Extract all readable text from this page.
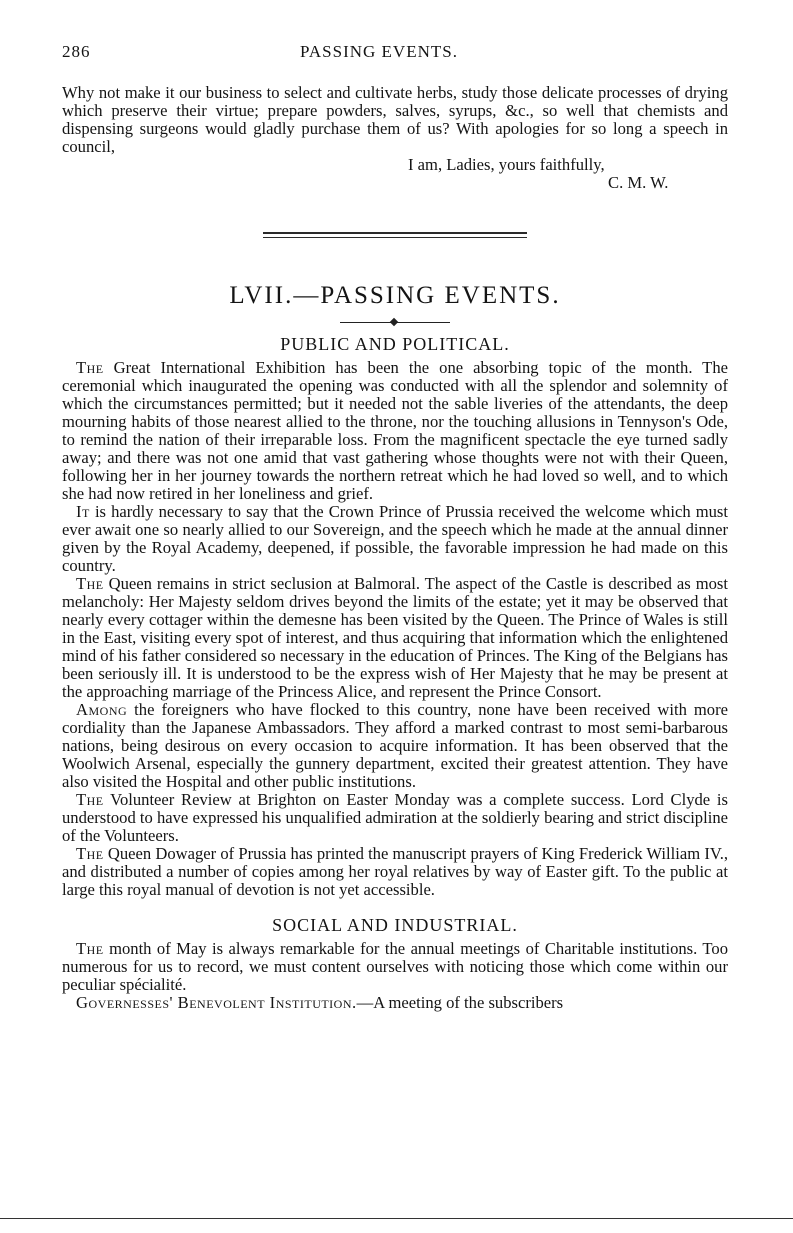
286	PASSING EVENTS.

Why not make it our business to select and cultivate herbs, study those delicate processes of drying which preserve their virtue; prepare powders, salves, syrups, &c., so well that chemists and dispensing surgeons would gladly purchase them of us? With apologies for so long a speech in council,

I am, Ladies, yours faithfully,

C. M. W.

LVII.—PASSING EVENTS.
PUBLIC AND POLITICAL.

The Great International Exhibition has been the one absorbing topic of the month. The ceremonial which inaugurated the opening was conducted with all the splendor and solemnity of which the circumstances permitted; but it needed not the sable liveries of the attendants, the deep mourning habits of those nearest allied to the throne, nor the touching allusions in Tennyson's Ode, to remind the nation of their irreparable loss. From the magnificent spectacle the eye turned sadly away; and there was not one amid that vast gathering whose thoughts were not with their Queen, following her in her journey towards the northern retreat which he had loved so well, and to which she had now retired in her loneliness and grief.

It is hardly necessary to say that the Crown Prince of Prussia received the welcome which must ever await one so nearly allied to our Sovereign, and the speech which he made at the annual dinner given by the Royal Academy, deepened, if possible, the favorable impression he had made on this country.

The Queen remains in strict seclusion at Balmoral. The aspect of the Castle is described as most melancholy: Her Majesty seldom drives beyond the limits of the estate; yet it may be observed that nearly every cottager within the demesne has been visited by the Queen. The Prince of Wales is still in the East, visiting every spot of interest, and thus acquiring that information which the enlightened mind of his father considered so necessary in the education of Princes. The King of the Belgians has been seriously ill. It is understood to be the express wish of Her Majesty that he may be present at the approaching marriage of the Princess Alice, and represent the Prince Consort.

Among the foreigners who have flocked to this country, none have been received with more cordiality than the Japanese Ambassadors. They afford a marked contrast to most semi-barbarous nations, being desirous on every occasion to acquire information. It has been observed that the Woolwich Arsenal, especially the gunnery department, excited their greatest attention. They have also visited the Hospital and other public institutions.

The Volunteer Review at Brighton on Easter Monday was a complete success. Lord Clyde is understood to have expressed his unqualified admiration at the soldierly bearing and strict discipline of the Volunteers.

The Queen Dowager of Prussia has printed the manuscript prayers of King Frederick William IV., and distributed a number of copies among her royal relatives by way of Easter gift. To the public at large this royal manual of devotion is not yet accessible.

SOCIAL AND INDUSTRIAL.

The month of May is always remarkable for the annual meetings of Charitable institutions. Too numerous for us to record, we must content ourselves with noticing those which come within our peculiar spécialité.

Governesses' Benevolent Institution.—A meeting of the subscribers
